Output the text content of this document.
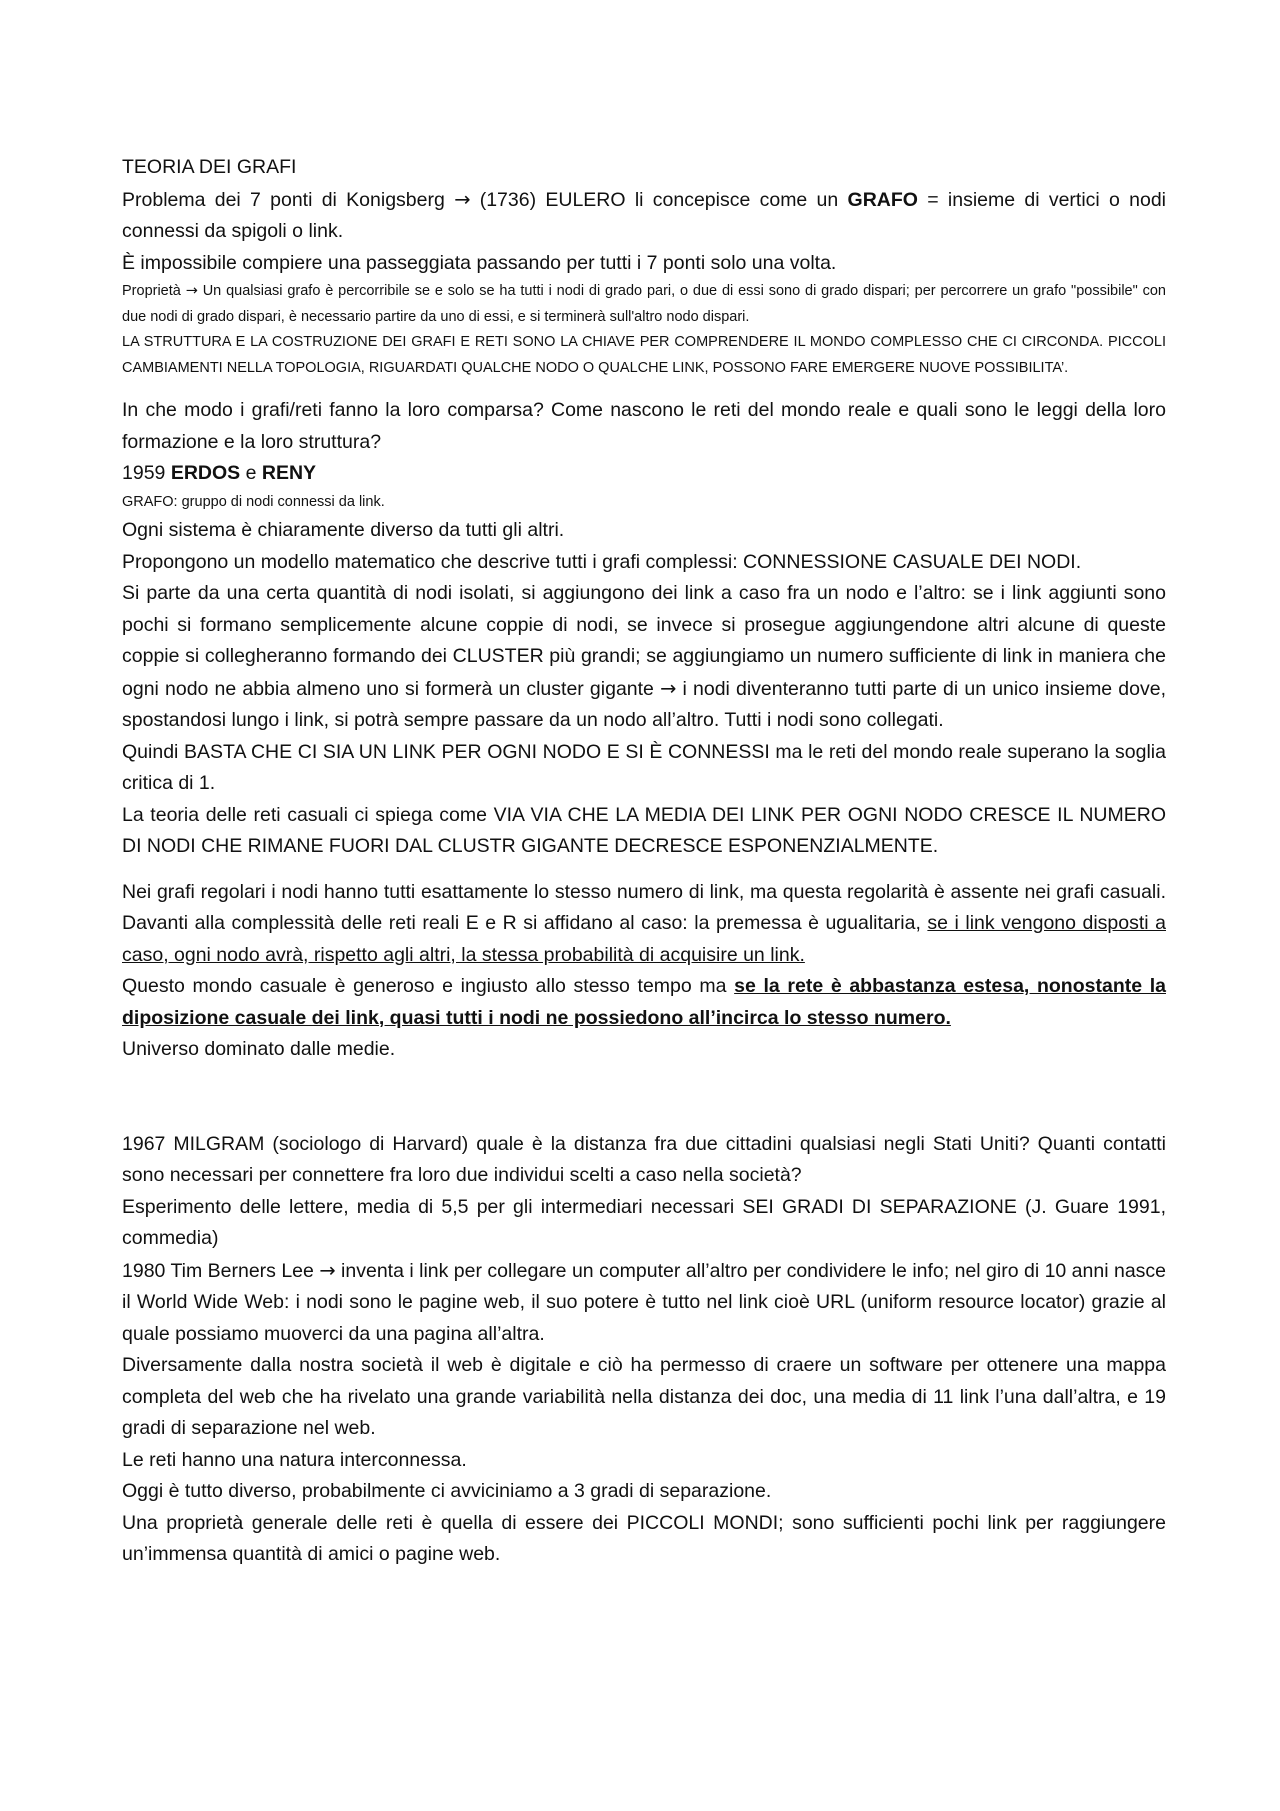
TEORIA DEI GRAFI

Problema dei 7 ponti di Konigsberg → (1736) EULERO li concepisce come un GRAFO = insieme di vertici o nodi connessi da spigoli o link.

È impossibile compiere una passeggiata passando per tutti i 7 ponti solo una volta.

Proprietà → Un qualsiasi grafo è percorribile se e solo se ha tutti i nodi di grado pari, o due di essi sono di grado dispari; per percorrere un grafo "possibile" con due nodi di grado dispari, è necessario partire da uno di essi, e si terminerà sull'altro nodo dispari.

LA STRUTTURA E LA COSTRUZIONE DEI GRAFI E RETI SONO LA CHIAVE PER COMPRENDERE IL MONDO COMPLESSO CHE CI CIRCONDA. PICCOLI CAMBIAMENTI NELLA TOPOLOGIA, RIGUARDATI QUALCHE NODO O QUALCHE LINK, POSSONO FARE EMERGERE NUOVE POSSIBILITA’.

In che modo i grafi/reti fanno la loro comparsa? Come nascono le reti del mondo reale e quali sono le leggi della loro formazione e la loro struttura?

1959 ERDOS e RENY

GRAFO: gruppo di nodi connessi da link.

Ogni sistema è chiaramente diverso da tutti gli altri.

Propongono un modello matematico che descrive tutti i grafi complessi: CONNESSIONE CASUALE DEI NODI.

Si parte da una certa quantità di nodi isolati, si aggiungono dei link a caso fra un nodo e l’altro: se i link aggiunti sono pochi si formano semplicemente alcune coppie di nodi, se invece si prosegue aggiungendone altri alcune di queste coppie si collegheranno formando dei CLUSTER più grandi; se aggiungiamo un numero sufficiente di link in maniera che ogni nodo ne abbia almeno uno si formerà un cluster gigante → i nodi diventeranno tutti parte di un unico insieme dove, spostandosi lungo i link, si potrà sempre passare da un nodo all’altro. Tutti i nodi sono collegati.

Quindi BASTA CHE CI SIA UN LINK PER OGNI NODO E SI È CONNESSI ma le reti del mondo reale superano la soglia critica di 1.

La teoria delle reti casuali ci spiega come VIA VIA CHE LA MEDIA DEI LINK PER OGNI NODO CRESCE IL NUMERO DI NODI CHE RIMANE FUORI DAL CLUSTR GIGANTE DECRESCE ESPONENZIALMENTE.

Nei grafi regolari i nodi hanno tutti esattamente lo stesso numero di link, ma questa regolarità è assente nei grafi casuali. Davanti alla complessità delle reti reali E e R si affidano al caso: la premessa è ugualitaria, se i link vengono disposti a caso, ogni nodo avrà, rispetto agli altri, la stessa probabilità di acquisire un link.

Questo mondo casuale è generoso e ingiusto allo stesso tempo ma se la rete è abbastanza estesa, nonostante la diposizione casuale dei link, quasi tutti i nodi ne possiedono all’incirca lo stesso numero.

Universo dominato dalle medie.

1967 MILGRAM (sociologo di Harvard) quale è la distanza fra due cittadini qualsiasi negli Stati Uniti? Quanti contatti sono necessari per connettere fra loro due individui scelti a caso nella società?

Esperimento delle lettere, media di 5,5 per gli intermediari necessari SEI GRADI DI SEPARAZIONE (J. Guare 1991, commedia)

1980 Tim Berners Lee → inventa i link per collegare un computer all’altro per condividere le info; nel giro di 10 anni nasce il World Wide Web: i nodi sono le pagine web, il suo potere è tutto nel link cioè URL (uniform resource locator) grazie al quale possiamo muoverci da una pagina all’altra.

Diversamente dalla nostra società il web è digitale e ciò ha permesso di craere un software per ottenere una mappa completa del web che ha rivelato una grande variabilità nella distanza dei doc, una media di 11 link l’una dall’altra, e 19 gradi di separazione nel web.

Le reti hanno una natura interconnessa.

Oggi è tutto diverso, probabilmente ci avviciniamo a 3 gradi di separazione.

Una proprietà generale delle reti è quella di essere dei PICCOLI MONDI; sono sufficienti pochi link per raggiungere un’immensa quantità di amici o pagine web.
